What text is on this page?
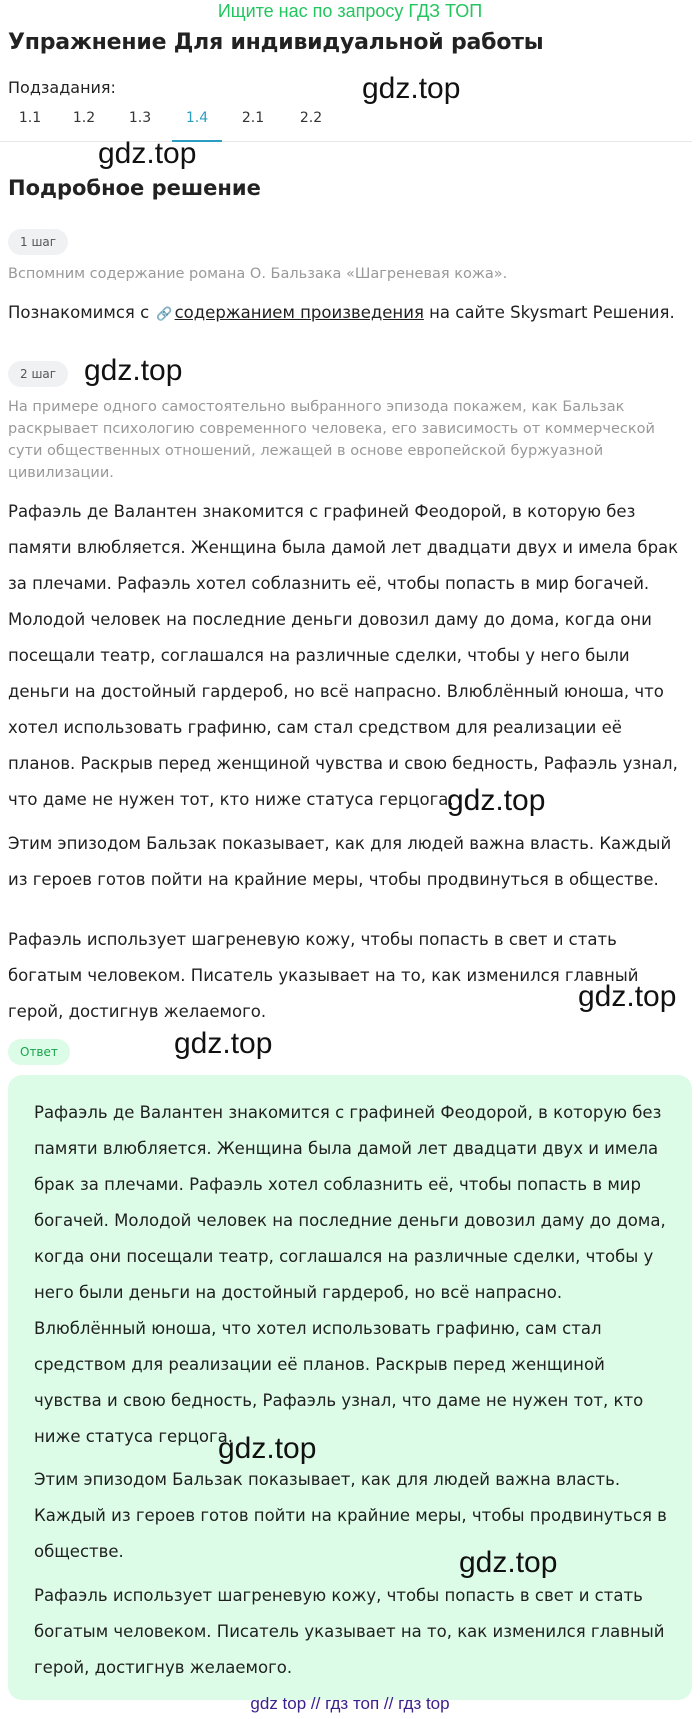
Ищите нас по запросу ГДЗ ТОП
Упражнение Для индивидуальной работы
Подзадания:
1.1	1.2	1.3	1.4	2.1	2.2
Подробное решение
1 шаг
Вспомним содержание романа О. Бальзака «Шагреневая кожа».
Познакомимся с 🔗 содержанием произведения на сайте Skysmart Решения.
2 шаг
На примере одного самостоятельно выбранного эпизода покажем, как Бальзак раскрывает психологию современного человека, его зависимость от коммерческой сути общественных отношений, лежащей в основе европейской буржуазной цивилизации.
Рафаэль де Валантен знакомится с графиней Феодорой, в которую без памяти влюбляется. Женщина была дамой лет двадцати двух и имела брак за плечами. Рафаэль хотел соблазнить её, чтобы попасть в мир богачей. Молодой человек на последние деньги довозил даму до дома, когда они посещали театр, соглашался на различные сделки, чтобы у него были деньги на достойный гардероб, но всё напрасно. Влюблённый юноша, что хотел использовать графиню, сам стал средством для реализации её планов. Раскрыв перед женщиной чувства и свою бедность, Рафаэль узнал, что даме не нужен тот, кто ниже статуса герцога.
Этим эпизодом Бальзак показывает, как для людей важна власть. Каждый из героев готов пойти на крайние меры, чтобы продвинуться в обществе.
Рафаэль использует шагреневую кожу, чтобы попасть в свет и стать богатым человеком. Писатель указывает на то, как изменился главный герой, достигнув желаемого.
Ответ
Рафаэль де Валантен знакомится с графиней Феодорой, в которую без памяти влюбляется. Женщина была дамой лет двадцати двух и имела брак за плечами. Рафаэль хотел соблазнить её, чтобы попасть в мир богачей. Молодой человек на последние деньги довозил даму до дома, когда они посещали театр, соглашался на различные сделки, чтобы у него были деньги на достойный гардероб, но всё напрасно. Влюблённый юноша, что хотел использовать графиню, сам стал средством для реализации её планов. Раскрыв перед женщиной чувства и свою бедность, Рафаэль узнал, что даме не нужен тот, кто ниже статуса герцога.
Этим эпизодом Бальзак показывает, как для людей важна власть. Каждый из героев готов пойти на крайние меры, чтобы продвинуться в обществе.
Рафаэль использует шагреневую кожу, чтобы попасть в свет и стать богатым человеком. Писатель указывает на то, как изменился главный герой, достигнув желаемого.
gdz.top
gdz.top
gdz.top
gdz.top
gdz.top
gdz.top
gdz.top
gdz.top
gdz top // гдз топ // гдз top
